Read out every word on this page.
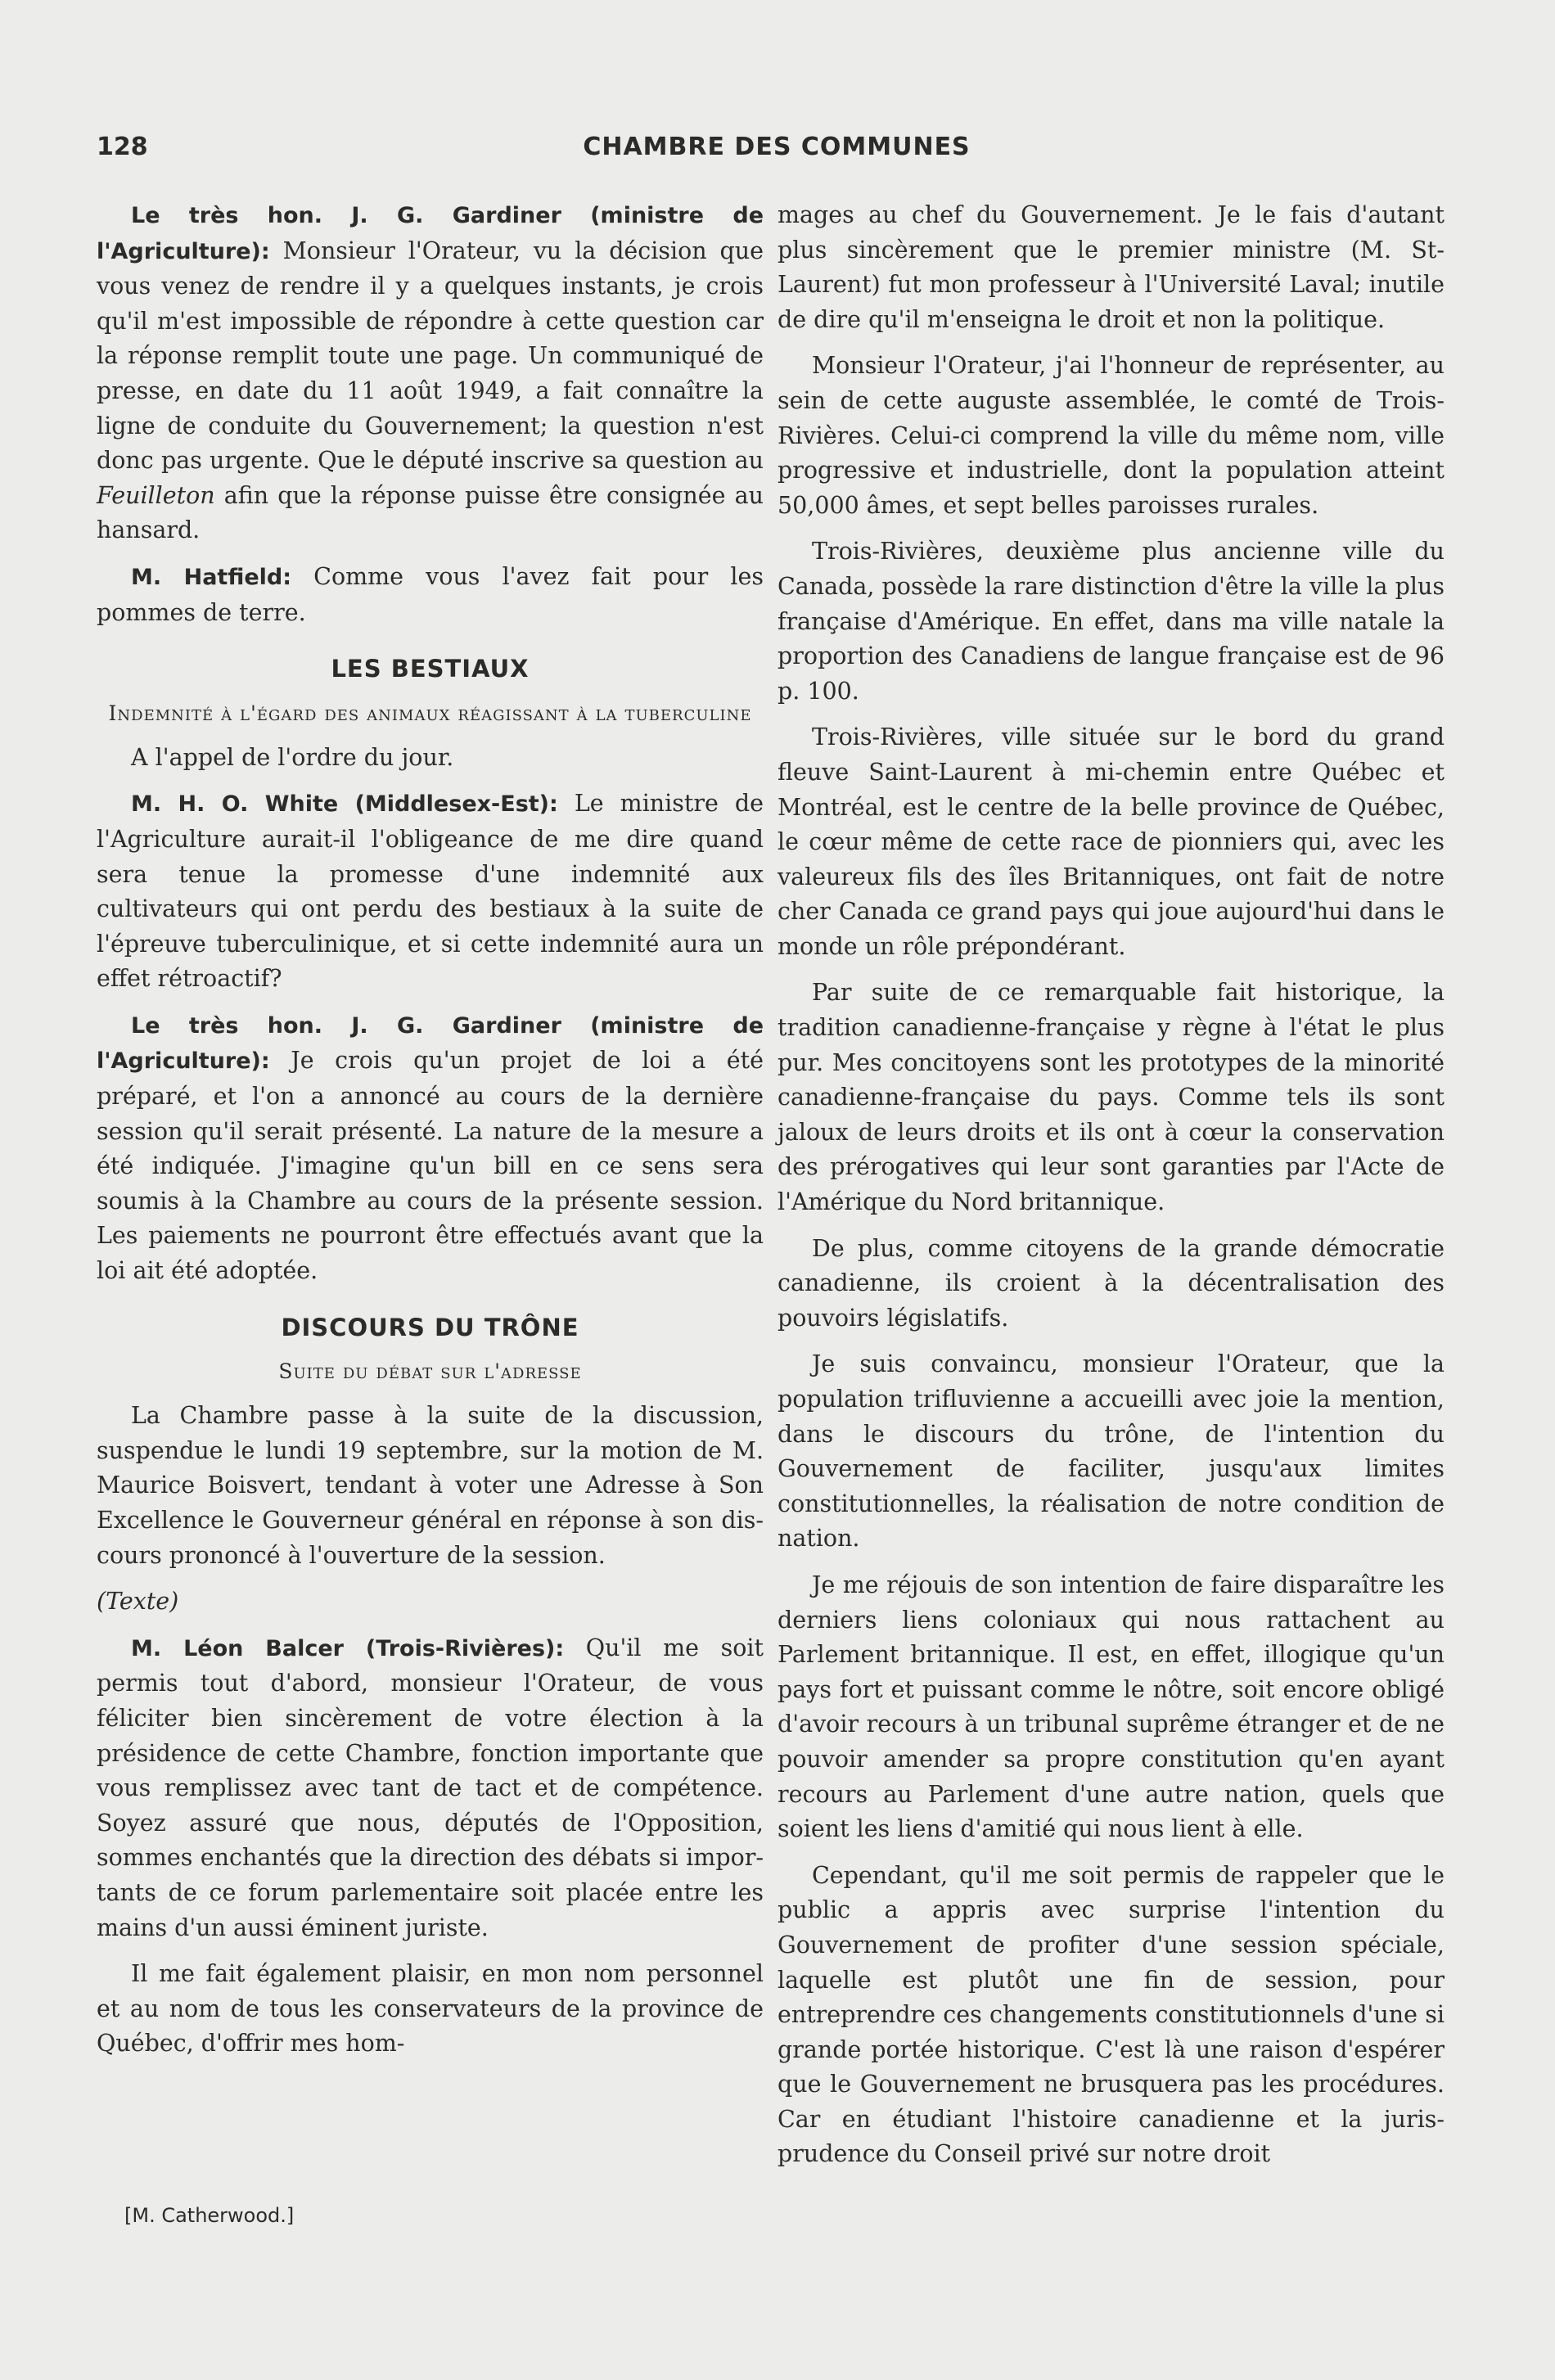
128	CHAMBRE DES COMMUNES

Le très hon. J. G. Gardiner (ministre de l'Agriculture): Monsieur l'Orateur, vu la décision que vous venez de rendre il y a quelques instants, je crois qu'il m'est impossible de répondre à cette question car la réponse remplit toute une page. Un communiqué de presse, en date du 11 août 1949, a fait connaître la ligne de conduite du Gouvernement; la question n'est donc pas urgente. Que le député inscrive sa question au Feuilleton afin que la réponse puisse être consignée au hansard.

M. Hatfield: Comme vous l'avez fait pour les pommes de terre.

LES BESTIAUX

Indemnité à l'égard des animaux réagissant à la tuberculine

A l'appel de l'ordre du jour.

M. H. O. White (Middlesex-Est): Le ministre de l'Agriculture aurait-il l'obligeance de me dire quand sera tenue la promesse d'une indemnité aux cultivateurs qui ont perdu des bestiaux à la suite de l'épreuve tuberculinique, et si cette indemnité aura un effet rétroactif?

Le très hon. J. G. Gardiner (ministre de l'Agriculture): Je crois qu'un projet de loi a été préparé, et l'on a annoncé au cours de la dernière session qu'il serait présenté. La nature de la mesure a été indiquée. J'imagine qu'un bill en ce sens sera soumis à la Chambre au cours de la présente session. Les paiements ne pourront être effectués avant que la loi ait été adoptée.

DISCOURS DU TRÔNE

Suite du débat sur l'adresse

La Chambre passe à la suite de la discussion, suspendue le lundi 19 septembre, sur la motion de M. Maurice Boisvert, tendant à voter une Adresse à Son Excellence le Gouverneur général en réponse à son discours prononcé à l'ouverture de la session.

(Texte)

M. Léon Balcer (Trois-Rivières): Qu'il me soit permis tout d'abord, monsieur l'Orateur, de vous féliciter bien sincèrement de votre élection à la présidence de cette Chambre, fonction importante que vous remplissez avec tant de tact et de compétence. Soyez assuré que nous, députés de l'Opposition, sommes enchantés que la direction des débats si importants de ce forum parlementaire soit placée entre les mains d'un aussi éminent juriste.

Il me fait également plaisir, en mon nom personnel et au nom de tous les conservateurs de la province de Québec, d'offrir mes hom-

mages au chef du Gouvernement. Je le fais d'autant plus sincèrement que le premier ministre (M. St-Laurent) fut mon professeur à l'Université Laval; inutile de dire qu'il m'enseigna le droit et non la politique.

Monsieur l'Orateur, j'ai l'honneur de représenter, au sein de cette auguste assemblée, le comté de Trois-Rivières. Celui-ci comprend la ville du même nom, ville progressive et industrielle, dont la population atteint 50,000 âmes, et sept belles paroisses rurales.

Trois-Rivières, deuxième plus ancienne ville du Canada, possède la rare distinction d'être la ville la plus française d'Amérique. En effet, dans ma ville natale la proportion des Canadiens de langue française est de 96 p. 100.

Trois-Rivières, ville située sur le bord du grand fleuve Saint-Laurent à mi-chemin entre Québec et Montréal, est le centre de la belle province de Québec, le cœur même de cette race de pionniers qui, avec les valeureux fils des îles Britanniques, ont fait de notre cher Canada ce grand pays qui joue aujourd'hui dans le monde un rôle prépondérant.

Par suite de ce remarquable fait historique, la tradition canadienne-française y règne à l'état le plus pur. Mes concitoyens sont les prototypes de la minorité canadienne-française du pays. Comme tels ils sont jaloux de leurs droits et ils ont à cœur la conservation des prérogatives qui leur sont garanties par l'Acte de l'Amérique du Nord britannique.

De plus, comme citoyens de la grande démocratie canadienne, ils croient à la décentralisation des pouvoirs législatifs.

Je suis convaincu, monsieur l'Orateur, que la population trifluvienne a accueilli avec joie la mention, dans le discours du trône, de l'intention du Gouvernement de faciliter, jusqu'aux limites constitutionnelles, la réalisation de notre condition de nation.

Je me réjouis de son intention de faire disparaître les derniers liens coloniaux qui nous rattachent au Parlement britannique. Il est, en effet, illogique qu'un pays fort et puissant comme le nôtre, soit encore obligé d'avoir recours à un tribunal suprême étranger et de ne pouvoir amender sa propre constitution qu'en ayant recours au Parlement d'une autre nation, quels que soient les liens d'amitié qui nous lient à elle.

Cependant, qu'il me soit permis de rappeler que le public a appris avec surprise l'intention du Gouvernement de profiter d'une session spéciale, laquelle est plutôt une fin de session, pour entreprendre ces changements constitutionnels d'une si grande portée historique. C'est là une raison d'espérer que le Gouvernement ne brusquera pas les procédures. Car en étudiant l'histoire canadienne et la jurisprudence du Conseil privé sur notre droit

[M. Catherwood.]
